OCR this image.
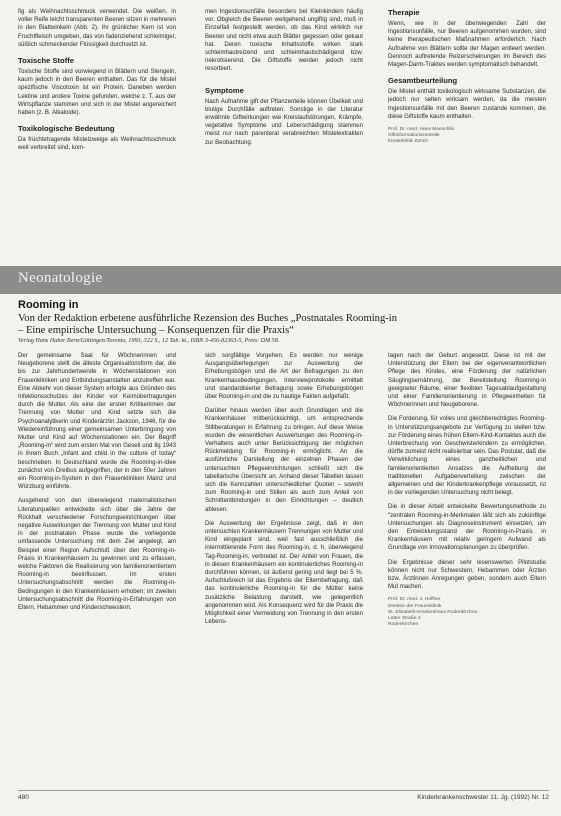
fig als Weihnachtsschmuck verwendet. Die weißen, in voller Reife leicht transparenten Beeren sitzen in mehreren in den Blattwinkeln (Abb. 2). Ihr grünlicher Kern ist von Fruchtfleisch umgeben, das von fadenziehend schleimiger, süßlich schmeckender Flüssigkeit durchsetzt ist.

Toxische Stoffe

Toxische Stoffe sind vorwiegend in Blättern und Stengeln, kaum jedoch in den Beeren enthalten. Das für die Mistel spezifische Viscotoxin ist ein Protein. Daneben werden Lektine und andere Toxine gefunden, welche z. T. aus der Wirtspflanze stammen und sich in der Mistel angereichert haben (z. B. Alkaloide).

Toxikologische Bedeutung

Da früchtetragende Mistelzweige als Weihnachtsschmuck weit verbreitet sind, kom-

men Ingestionsunfälle besonders bei Kleinkindern häufig vor. Obgleich die Beeren weitgehend ungiftig sind, muß in Einzelfall festgestellt werden, ob das Kind wirklich nur Beeren und nicht etwa auch Blätter gegessen oder gekaut hat. Deren toxische Inhaltsstoffe wirken stark schleimhautreizend und schleimhautschädigend bzw. nekrotisierend. Die Giftstoffe werden jedoch nicht resorbiert.

Symptome

Nach Aufnahme gift der Pflanzenteile können Übelkeit und blutige Durchfälle auftreten. Sonstige in der Literatur erwähnte Giftwirkungen wie Kreislaufstörungen, Krämpfe, vegetative Symptome und Leberschädigung stammen meist nur nach parenteral verabreichten Mistelextrakten zur Beobachtung.

Therapie

Wenn, wie in der überwiegenden Zahl der Ingestionsunfälle, nur Beeren aufgenommen wurden, sind keine therapeutischen Maßnahmen erforderlich. Nach Aufnahme von Blättern sollte der Magen entleert werden. Dennoch auftretende Reizerscheinungen im Bereich des Magen-Darm-Traktes werden symptomatisch behandelt.

Gesamtbeurteilung

Die Mistel enthält toxikologisch wirksame Substanzen, die jedoch nur selten wirksam werden, da die meisten Ingestionsunfälle mit den Beeren zustande kommen, die diese Giftstoffe kaum enthalten.

Prof. Dr. med. Hans Moeschlin
Giftinformationszentrale
Kinderklinik Zürich
Neonatologie
Rooming in
Von der Redaktion erbetene ausführliche Rezension des Buches „Postnatales Rooming-in
– Eine empirische Untersuchung – Konsequenzen für die Praxis“
Verlag Hans Huber Bern/Göttingen/Toronto, 1993, 322 S., 12 Tab. kt., ISBN 3-456-82363-5, Preis: DM 58.

Der gemeinsame Saal für Wöchnerinnen und Neugeborene stellt die älteste Organisationsform dar, die bis zur Jahrhundertwende in Wöchenstationen von Frauenkliniken und Entbindungsanstalten anzutreffen war. Eine Abkehr von dieser System erfolgte aus Gründen des Infektionsschutzes der Kinder vor Keimübertragungen durch die Mutter. Als eine der ersten Kritikerinnen der Trennung von Mutter und Kind setzte sich die Psychoanalytikerin und Kinderärztin Jackson, 1946, für die Wiedereinführung einer gemeinsamen Unterbringung von Mutter und Kind auf Wöchenstationen ein. Der Begriff „Rooming-in“ wird zum ersten Mal von Gesell und Ilg 1943 in ihrem Buch „Infant and child in the culture of today“ beschrieben. In Deutschland wurde die Rooming-in-Idee zunächst von Dreibus aufgegriffen, der in den 50er Jahren ein Rooming-in-System in den Frauenkliniken Mainz und Würzburg einführte.

Ausgehend von den überwiegend maternalistischen Literaturquellen entwickelte sich über die Jahre der Rückhalt verschiedener Forschungseinrichtungen über negative Auswirkungen der Trennung von Mutter und Kind in der postnatalen Phase wurde die vorliegende umfassende Untersuchung mit dem Ziel angelegt, am Beispiel einer Region Aufschluß über den Rooming-in-Praxis in Krankenhäusern zu gewinnen und zu erfassen, welche Faktoren die Realisierung von familienorientiertem Rooming-in beeinflussen. Im ersten Untersuchungsabschnitt werden die Rooming-in-Bedingungen in den Krankenhäusern erhoben; im zweiten Untersuchungsabschnitt die Rooming-in-Erfahrungen von Eltern, Hebammen und Kinderschwestern.

sich sorgfältige Vorgehen. Es werden nur wenige Ausgangsüberlegungen zur Auswertung der Erhebungsbögen und die Art der Befragungen zu den Krankenhausbedingungen, Interviewprotokolle ermittelt und standardisierter Befragung sowie Erhebungsbögen über Rooming-in und die zu hautige Fakten aufgefaßt.

Darüber hinaus werden über auch Grundlagen und die Krankenhäuser mitberücksichtigt, um entsprechende Stillberatungen in Erfahrung zu bringen. Auf diese Weise wurden die wesentlichen Auswertungen des Rooming-in-Verhaltens auch unter Berücksichtigung der möglichen Rückmeldung für Rooming-in ermöglicht. An die ausführliche Darstellung der einzelnen Phasen der untersuchten Pflegeeinrichtungen schließt sich die tabellarische Übersicht an. Anhand dieser Tabellen lassen sich die Kennzahlen unterschiedlicher Quoten – sowohl zum Rooming-in und Stillen als auch zum Anteil von Schnittentbindungen in den Einrichtungen – deutlich ablesen.

Die Auswertung der Ergebnisse zeigt, daß in den untersuchten Krankenhäusern Trennungen von Mutter und Kind eingeplant sind, weil fast ausschließlich die intermittierende Form des Rooming-in, d. h. überwiegend Tag-Rooming-in, verbreitet ist. Der Anteil von Frauen, die in diesen Krankenhäusern ein kontinuierliches Rooming-in durchführen können, ist äußerst gering und liegt bei 5 %. Aufschlußreich ist das Ergebnis der Elternbefragung, daß das kontinuierliche Rooming-in für die Mütter keine zusätzliche Belastung darstellt, wie gelegentlich angenommen wird. Als Konsequenz wird für die Praxis die Möglichkeit einer Vermeidung von Trennung in den ersten Lebens-

tagen nach der Geburt angesetzt. Diese ist mit der Unterstützung der Eltern bei der eigenverantwortlichen Pflege des Kindes, eine Förderung der natürlichen Säuglingsernährung, der Bereitstellung Rooming-in geeigneter Räume, einer flexiblen Tagesablaufgestaltung und einer Familienorientierung in Pflegeeinheiten für Wöchnerinnen und Neugeborene.

Die Forderung, für volles und gleichberechtigtes Rooming-in Unterstützungsangebote zur Verfügung zu stellen bzw. zur Förderung eines frühen Eltern-Kind-Kontaktes auch die Unterbrechung von Geschwisterkindern zu ermöglichen, dürfte zumeist nicht realisierbar sein. Das Postulat, daß die Verwirklichung eines ganzheitlichen und familienorientierten Ansatzes die Aufhebung der traditionellen Aufgabenverteilung zwischen der allgemeinen und der Kinderkrankenpflege voraussetzt, ist in der vorliegenden Untersuchung nicht belegt.

Die in dieser Arbeit entwickelte Bewertungsmethode zu ″zentralen Rooming-in-Merkmalen läßt sich als zukünftige Untersuchungen als Diagnoseinstrument einsetzen, um den Entwicklungsstand der Rooming-in-Praxis in Krankenhäusern mit relativ geringem Aufwand als Grundlage von Innovationsplanungen zu überprüfen.

Die Ergebnisse dieser sehr lesenswerten Pilotstudie können nicht nur Schwestern, Hebammen oder Ärzten bzw. Ärztinnen Anregungen geben, sondern auch Eltern Mut machen.

Prof. Dr. med. J. Hoffner
Direktor der Frauenklinik
St. Elisabeth-Krankenhaus Rodenkirchen
Lütter Straße 2
Rodenkirchen
480	Kinderkrankenschwester 11. Jg. (1992) Nr. 12
